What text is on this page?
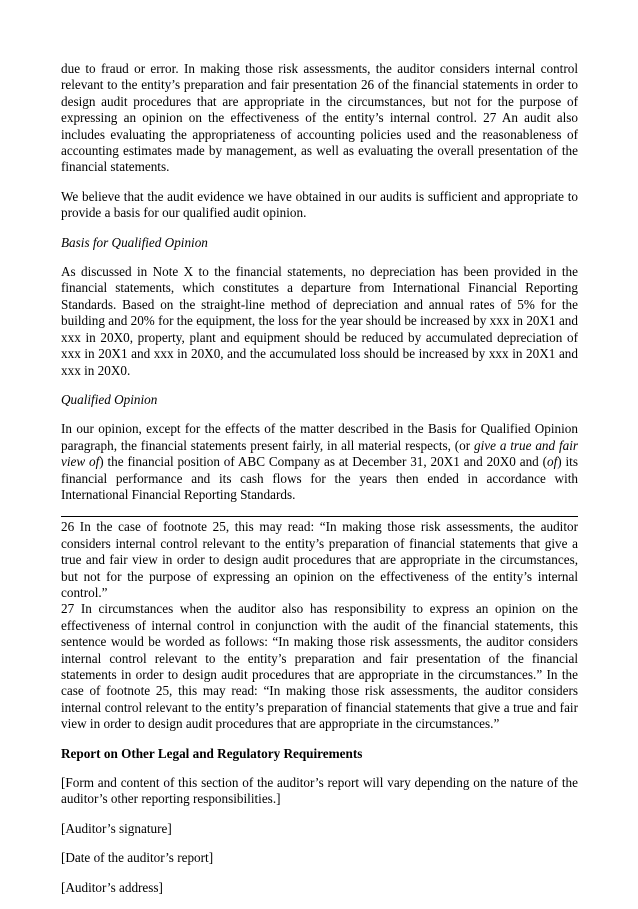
due to fraud or error. In making those risk assessments, the auditor considers internal control relevant to the entity’s preparation and fair presentation 26 of the financial statements in order to design audit procedures that are appropriate in the circumstances, but not for the purpose of expressing an opinion on the effectiveness of the entity’s internal control. 27 An audit also includes evaluating the appropriateness of accounting policies used and the reasonableness of accounting estimates made by management, as well as evaluating the overall presentation of the financial statements.

We believe that the audit evidence we have obtained in our audits is sufficient and appropriate to provide a basis for our qualified audit opinion.

Basis for Qualified Opinion

As discussed in Note X to the financial statements, no depreciation has been provided in the financial statements, which constitutes a departure from International Financial Reporting Standards. Based on the straight-line method of depreciation and annual rates of 5% for the building and 20% for the equipment, the loss for the year should be increased by xxx in 20X1 and xxx in 20X0, property, plant and equipment should be reduced by accumulated depreciation of xxx in 20X1 and xxx in 20X0, and the accumulated loss should be increased by xxx in 20X1 and xxx in 20X0.

Qualified Opinion

In our opinion, except for the effects of the matter described in the Basis for Qualified Opinion paragraph, the financial statements present fairly, in all material respects, (or give a true and fair view of) the financial position of ABC Company as at December 31, 20X1 and 20X0 and (of) its financial performance and its cash flows for the years then ended in accordance with International Financial Reporting Standards.

26 In the case of footnote 25, this may read: “In making those risk assessments, the auditor considers internal control relevant to the entity’s preparation of financial statements that give a true and fair view in order to design audit procedures that are appropriate in the circumstances, but not for the purpose of expressing an opinion on the effectiveness of the entity’s internal control.”

27 In circumstances when the auditor also has responsibility to express an opinion on the effectiveness of internal control in conjunction with the audit of the financial statements, this sentence would be worded as follows: “In making those risk assessments, the auditor considers internal control relevant to the entity’s preparation and fair presentation of the financial statements in order to design audit procedures that are appropriate in the circumstances.” In the case of footnote 25, this may read: “In making those risk assessments, the auditor considers internal control relevant to the entity’s preparation of financial statements that give a true and fair view in order to design audit procedures that are appropriate in the circumstances.”

Report on Other Legal and Regulatory Requirements

[Form and content of this section of the auditor’s report will vary depending on the nature of the auditor’s other reporting responsibilities.]

[Auditor’s signature]

[Date of the auditor’s report]

[Auditor’s address]
